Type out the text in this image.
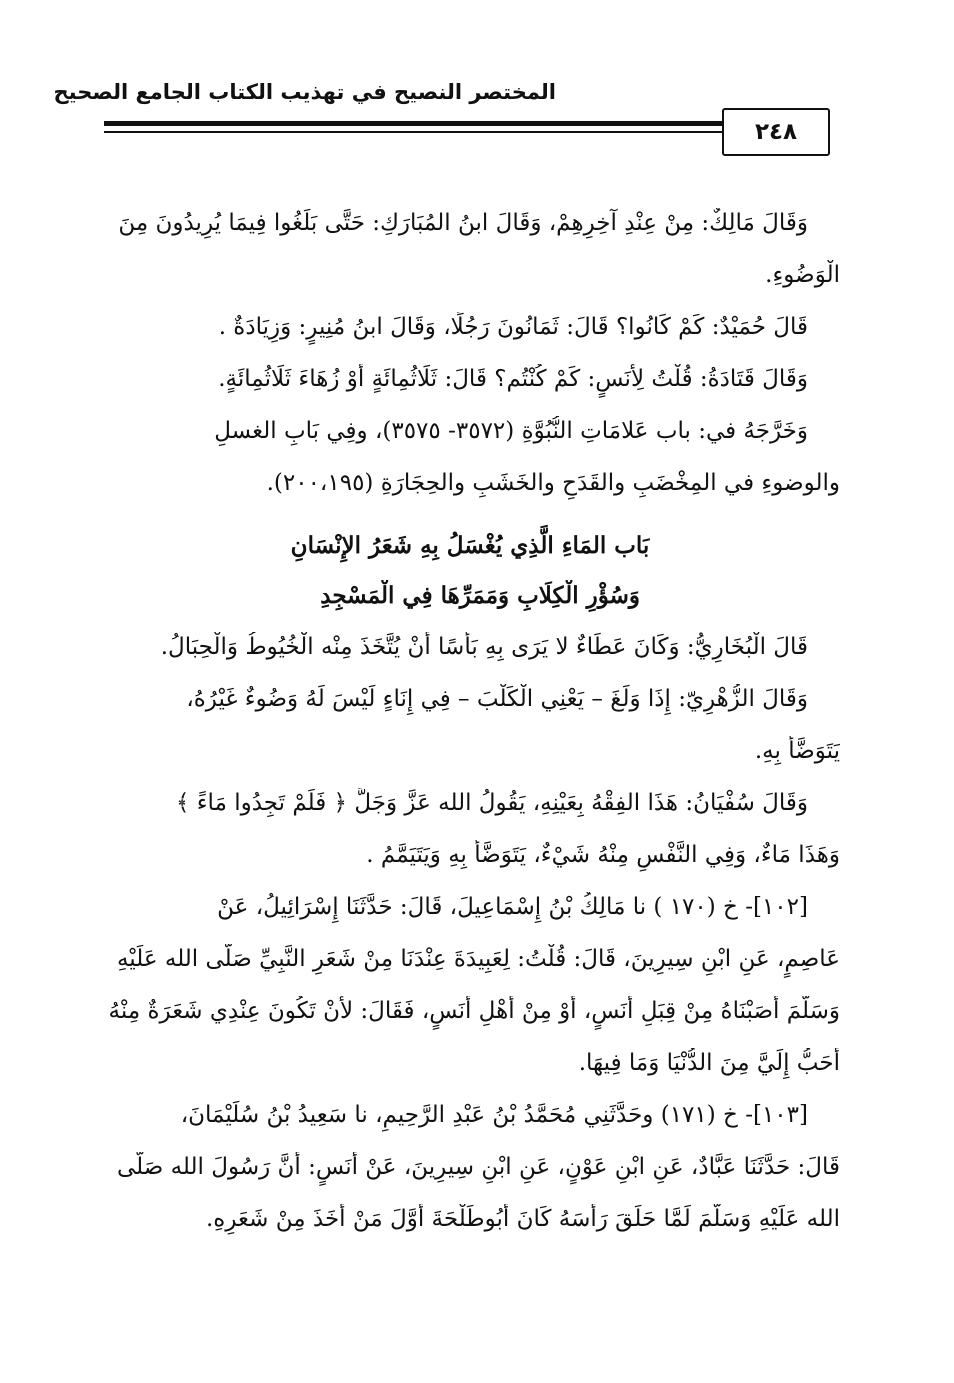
المختصر النصيح في تهذيب الكتاب الجامع الصحيح
٢٤٨
وَقَالَ مَالِكٌ: مِنْ عِنْدِ آخِرِهِمْ، وَقَالَ ابنُ المُبَارَكِ: حَتَّى بَلَغُوا فِيمَا يُرِيدُونَ مِنَ
الْوَضُوءِ.
قَالَ حُمَيْدٌ: كَمْ كَانُوا؟ قَالَ: ثَمَانُونَ رَجُلًا، وَقَالَ ابنُ مُنِيرٍ: وَزِيَادَةٌ .
وَقَالَ قَتَادَةُ: قُلْتُ لِأَنَسٍ: كَمْ كُنْتُم؟ قَالَ: ثَلَاثُمِائَةٍ أَوْ زُهَاءَ ثَلَاثُمِائَةٍ.
وَخَرَّجَهُ في: باب عَلامَاتِ النُّبُوَّةِ (٣٥٧٢- ٣٥٧٥)، وفِي بَابِ الغسلِ
والوضوءِ في المِخْضَبِ والقَدَحِ والخَشَبِ والحِجَارَةِ (٢٠٠،١٩٥).
بَاب المَاءِ الَّذِي يُغْسَلُ بِهِ شَعَرُ الإِنْسَانِ
وَسُؤْرِ الْكِلَابِ وَمَمَرِّهَا فِي الْمَسْجِدِ
قَالَ الْبُخَارِيُّ: وَكَانَ عَطَاءٌ لا يَرَى بِهِ بَأْسًا أَنْ يُتَّخَذَ مِنْه الْخُيُوطُ وَالْحِبَالُ.
وَقَالَ الزُّهْرِيّ: إِذَا وَلَغَ – يَعْنِي الْكَلْبَ – فِي إِنَاءٍ لَيْسَ لَهُ وَضُوءٌ غَيْرُهُ،
يَتَوَضَّأُ بِهِ.
وَقَالَ سُفْيَانُ: هَذَا الفِقْهُ بِعَيْنِهِ، يَقُولُ الله عَزَّ وَجَلَّ ﴿ فَلَمْ تَجِدُوا مَاءً ﴾
وَهَذَا مَاءٌ، وَفِي النَّفْسِ مِنْهُ شَيْءٌ، يَتَوَضَّأُ بِهِ وَيَتَيَمَّمُ .
[١٠٢]- خ (١٧٠ ) نا مَالِكُ بْنُ إِسْمَاعِيلَ، قَالَ: حَدَّثَنَا إِسْرَائِيلُ، عَنْ
عَاصِمٍ، عَنِ ابْنِ سِيرِينَ، قَالَ: قُلْتُ: لِعَبِيدَةَ عِنْدَنَا مِنْ شَعَرِ النَّبِيِّ صَلَّى الله عَلَيْهِ
وَسَلَّمَ أَصَبْنَاهُ مِنْ قِبَلِ أَنَسٍ، أَوْ مِنْ أَهْلِ أَنَسٍ، فَقَالَ: لأَنْ تَكُونَ عِنْدِي شَعَرَةٌ مِنْهُ
أَحَبُّ إِلَيَّ مِنَ الدُّنْيَا وَمَا فِيهَا.
[١٠٣]- خ (١٧١) وحَدَّثَنِي مُحَمَّدُ بْنُ عَبْدِ الرَّحِيمِ، نا سَعِيدُ بْنُ سُلَيْمَانَ،
قَالَ: حَدَّثَنَا عَبَّادٌ، عَنِ ابْنِ عَوْنٍ، عَنِ ابْنِ سِيرِينَ، عَنْ أَنَسٍ: أَنَّ رَسُولَ الله صَلَّى
الله عَلَيْهِ وَسَلَّمَ لَمَّا حَلَقَ رَأْسَهُ كَانَ أَبُوطَلْحَةَ أَوَّلَ مَنْ أَخَذَ مِنْ شَعَرِهِ.
